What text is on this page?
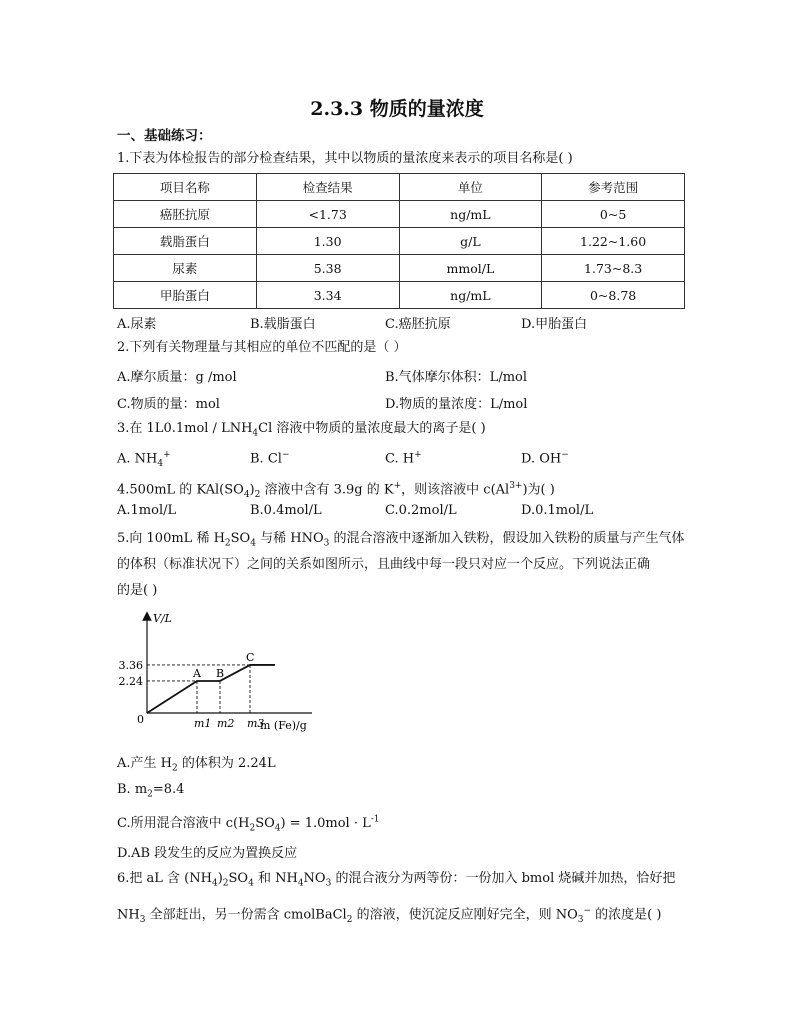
2.3.3 物质的量浓度
一、基础练习：
1.下表为体检报告的部分检查结果，其中以物质的量浓度来表示的项目名称是( )
项目名称	检查结果	单位	参考范围
癌胚抗原	<1.73	ng/mL	0~5
载脂蛋白	1.30	g/L	1.22~1.60
尿素	5.38	mmol/L	1.73~8.3
甲胎蛋白	3.34	ng/mL	0~8.78
A.尿素	B.载脂蛋白	C.癌胚抗原	D.甲胎蛋白
2.下列有关物理量与其相应的单位不匹配的是（ ）
A.摩尔质量：g /mol	B.气体摩尔体积：L/mol
C.物质的量：mol	D.物质的量浓度：L/mol
3.在 $1L0.1mol / LNH_4Cl$ 溶液中物质的量浓度最大的离子是( )
A. $NH_4^+$	B. Cl−	C. H+	D. OH−
4.500mL 的 $KAl(SO_4)_2$ 溶液中含有 3.9g 的 K+，则该溶液中 $c(Al^{3+})$为( )
A.1mol/L	B.0.4mol/L	C.0.2mol/L	D.0.1mol/L
5.向 100mL 稀 $H_2SO_4$ 与稀 $HNO_3$ 的混合溶液中逐渐加入铁粉，假设加入铁粉的质量与产生气体
的体积（标准状况下）之间的关系如图所示，且曲线中每一段只对应一个反应。下列说法正确
的是( )
3.36
2.24
m1 m2 m3
A B
C
0
V/L
m (Fe)/g
A.产生 $H_2$ 的体积为 2.24L
B. $m_2=8.4$
C.所用混合溶液中 $c(H_2SO_4) = 1.0mol \cdot L^{-1}$
D.AB 段发生的反应为置换反应
6.把 aL 含 $(NH_4)_2SO_4$ 和 $NH_4NO_3$ 的混合液分为两等份：一份加入 bmol 烧碱并加热，恰好把
$NH_3$ 全部赶出，另一份需含 cmolBaCl$_2$ 的溶液，使沉淀反应刚好完全，则 $NO_3^-$ 的浓度是( )
